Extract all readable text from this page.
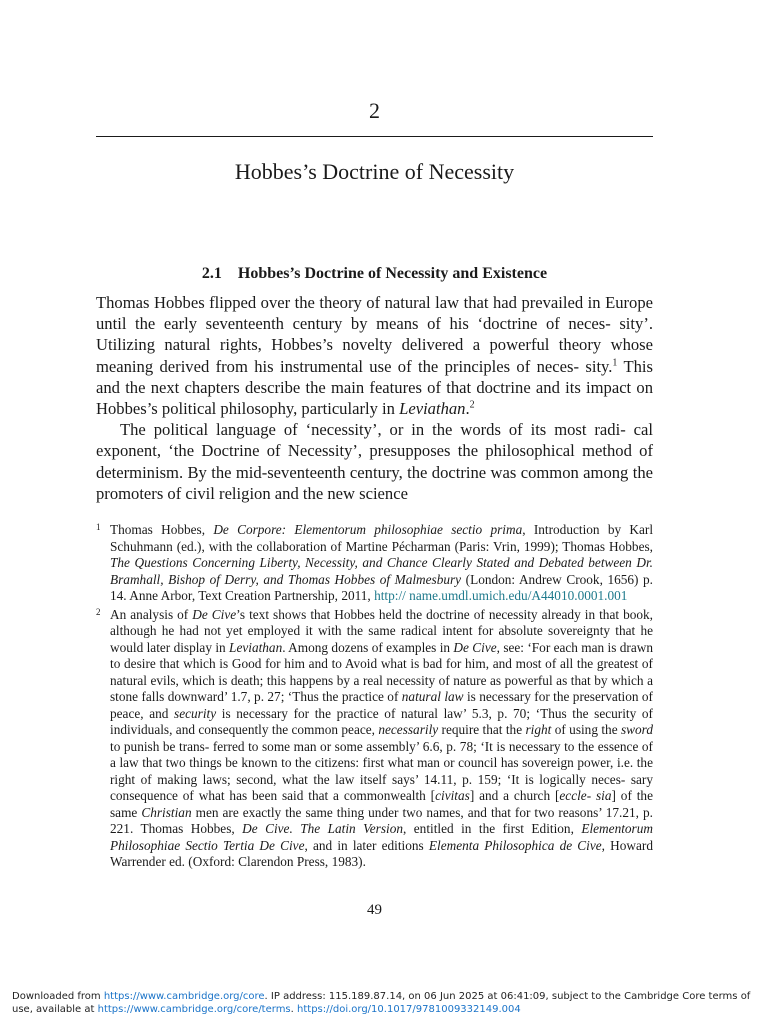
2
Hobbes’s Doctrine of Necessity
2.1 Hobbes’s Doctrine of Necessity and Existence

Thomas Hobbes flipped over the theory of natural law that had prevailed in Europe until the early seventeenth century by means of his ‘doctrine of neces- sity’. Utilizing natural rights, Hobbes’s novelty delivered a powerful theory whose meaning derived from his instrumental use of the principles of neces- sity.$^1$ This and the next chapters describe the main features of that doctrine and its impact on Hobbes’s political philosophy, particularly in Leviathan.$^2$

The political language of ‘necessity’, or in the words of its most radi- cal exponent, ‘the Doctrine of Necessity’, presupposes the philosophical method of determinism. By the mid-seventeenth century, the doctrine was common among the promoters of civil religion and the new science

1 Thomas Hobbes, De Corpore: Elementorum philosophiae sectio prima, Introduction by Karl Schuhmann (ed.), with the collaboration of Martine Pécharman (Paris: Vrin, 1999); Thomas Hobbes, The Questions Concerning Liberty, Necessity, and Chance Clearly Stated and Debated between Dr. Bramhall, Bishop of Derry, and Thomas Hobbes of Malmesbury (London: Andrew Crook, 1656) p. 14. Anne Arbor, Text Creation Partnership, 2011, http:// name.umdl.umich.edu/A44010.0001.001
2 An analysis of De Cive’s text shows that Hobbes held the doctrine of necessity already in that book, although he had not yet employed it with the same radical intent for absolute sovereignty that he would later display in Leviathan. Among dozens of examples in De Cive, see: ‘For each man is drawn to desire that which is Good for him and to Avoid what is bad for him, and most of all the greatest of natural evils, which is death; this happens by a real necessity of nature as powerful as that by which a stone falls downward’ 1.7, p. 27; ‘Thus the practice of natural law is necessary for the preservation of peace, and security is necessary for the practice of natural law’ 5.3, p. 70; ‘Thus the security of individuals, and consequently the common peace, necessarily require that the right of using the sword to punish be trans- ferred to some man or some assembly’ 6.6, p. 78; ‘It is necessary to the essence of a law that two things be known to the citizens: first what man or council has sovereign power, i.e. the right of making laws; second, what the law itself says’ 14.11, p. 159; ‘It is logically neces- sary consequence of what has been said that a commonwealth [civitas] and a church [eccle- sia] of the same Christian men are exactly the same thing under two names, and that for two reasons’ 17.21, p. 221. Thomas Hobbes, De Cive. The Latin Version, entitled in the first Edition, Elementorum Philosophiae Sectio Tertia De Cive, and in later editions Elementa Philosophica de Cive, Howard Warrender ed. (Oxford: Clarendon Press, 1983).
49
Downloaded from https://www.cambridge.org/core. IP address: 115.189.87.14, on 06 Jun 2025 at 06:41:09, subject to the Cambridge Core terms of use, available at https://www.cambridge.org/core/terms. https://doi.org/10.1017/9781009332149.004
